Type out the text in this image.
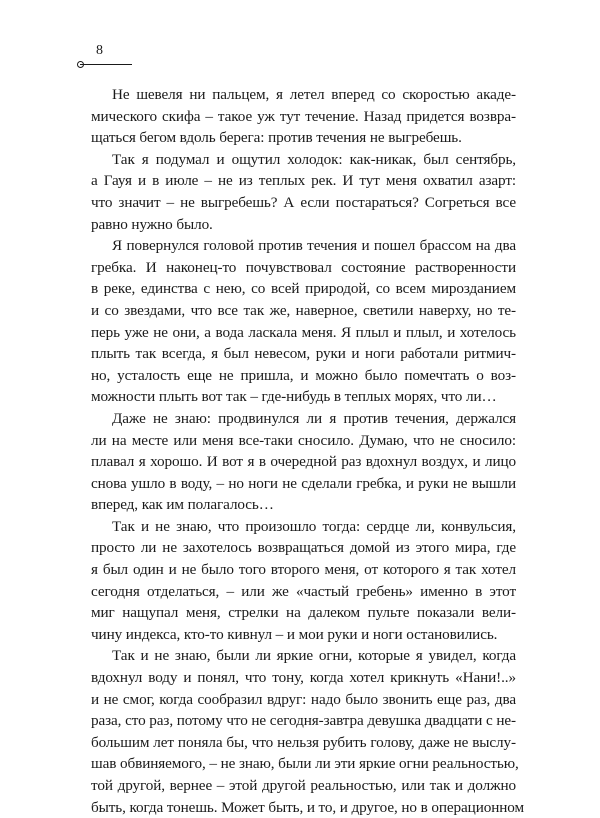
8
Не шевеля ни пальцем, я летел вперед со скоростью акаде-
мического скифа – такое уж тут течение. Назад придется возвра-
щаться бегом вдоль берега: против течения не выгребешь.
Так я подумал и ощутил холодок: как-никак, был сентябрь,
а Гауя и в июле – не из теплых рек. И тут меня охватил азарт:
что значит – не выгребешь? А если постараться? Согреться все
равно нужно было.
Я повернулся головой против течения и пошел брассом на два
гребка. И наконец-то почувствовал состояние растворенности
в реке, единства с нею, со всей природой, со всем мирозданием
и со звездами, что все так же, наверное, светили наверху, но те-
перь уже не они, а вода ласкала меня. Я плыл и плыл, и хотелось
плыть так всегда, я был невесом, руки и ноги работали ритмич-
но, усталость еще не пришла, и можно было помечтать о воз-
можности плыть вот так – где-нибудь в теплых морях, что ли…
Даже не знаю: продвинулся ли я против течения, держался
ли на месте или меня все-таки сносило. Думаю, что не сносило:
плавал я хорошо. И вот я в очередной раз вдохнул воздух, и лицо
снова ушло в воду, – но ноги не сделали гребка, и руки не вышли
вперед, как им полагалось…
Так и не знаю, что произошло тогда: сердце ли, конвульсия,
просто ли не захотелось возвращаться домой из этого мира, где
я был один и не было того второго меня, от которого я так хотел
сегодня отделаться, – или же «частый гребень» именно в этот
миг нащупал меня, стрелки на далеком пульте показали вели-
чину индекса, кто-то кивнул – и мои руки и ноги остановились.
Так и не знаю, были ли яркие огни, которые я увидел, когда
вдохнул воду и понял, что тону, когда хотел крикнуть «Нани!..»
и не смог, когда сообразил вдруг: надо было звонить еще раз, два
раза, сто раз, потому что не сегодня-завтра девушка двадцати с не-
большим лет поняла бы, что нельзя рубить голову, даже не выслу-
шав обвиняемого, – не знаю, были ли эти яркие огни реальностью,
той другой, вернее – этой другой реальностью, или так и должно
быть, когда тонешь. Может быть, и то, и другое, но в операционном
